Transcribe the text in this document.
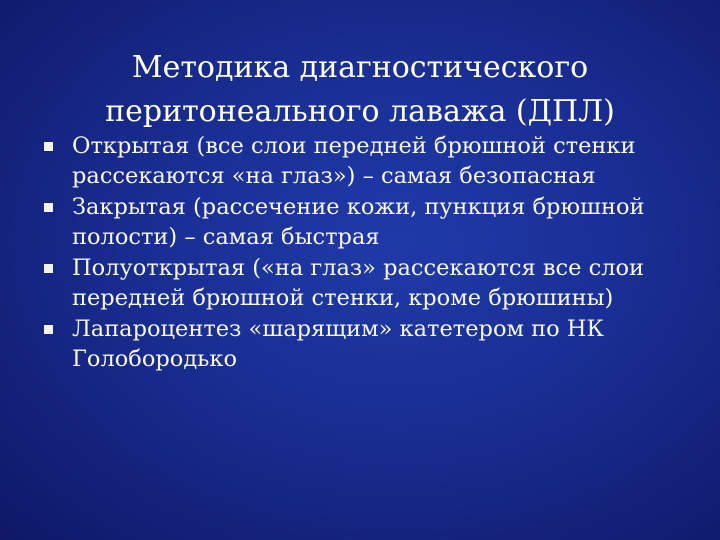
Методика диагностического
перитонеального лаважа (ДПЛ)
Открытая (все слои передней брюшной стенки
рассекаются «на глаз») – самая безопасная
Закрытая (рассечение кожи, пункция брюшной
полости) – самая быстрая
Полуоткрытая («на глаз» рассекаются все слои
передней брюшной стенки, кроме брюшины)
Лапароцентез «шарящим» катетером по НК
Голобородько
